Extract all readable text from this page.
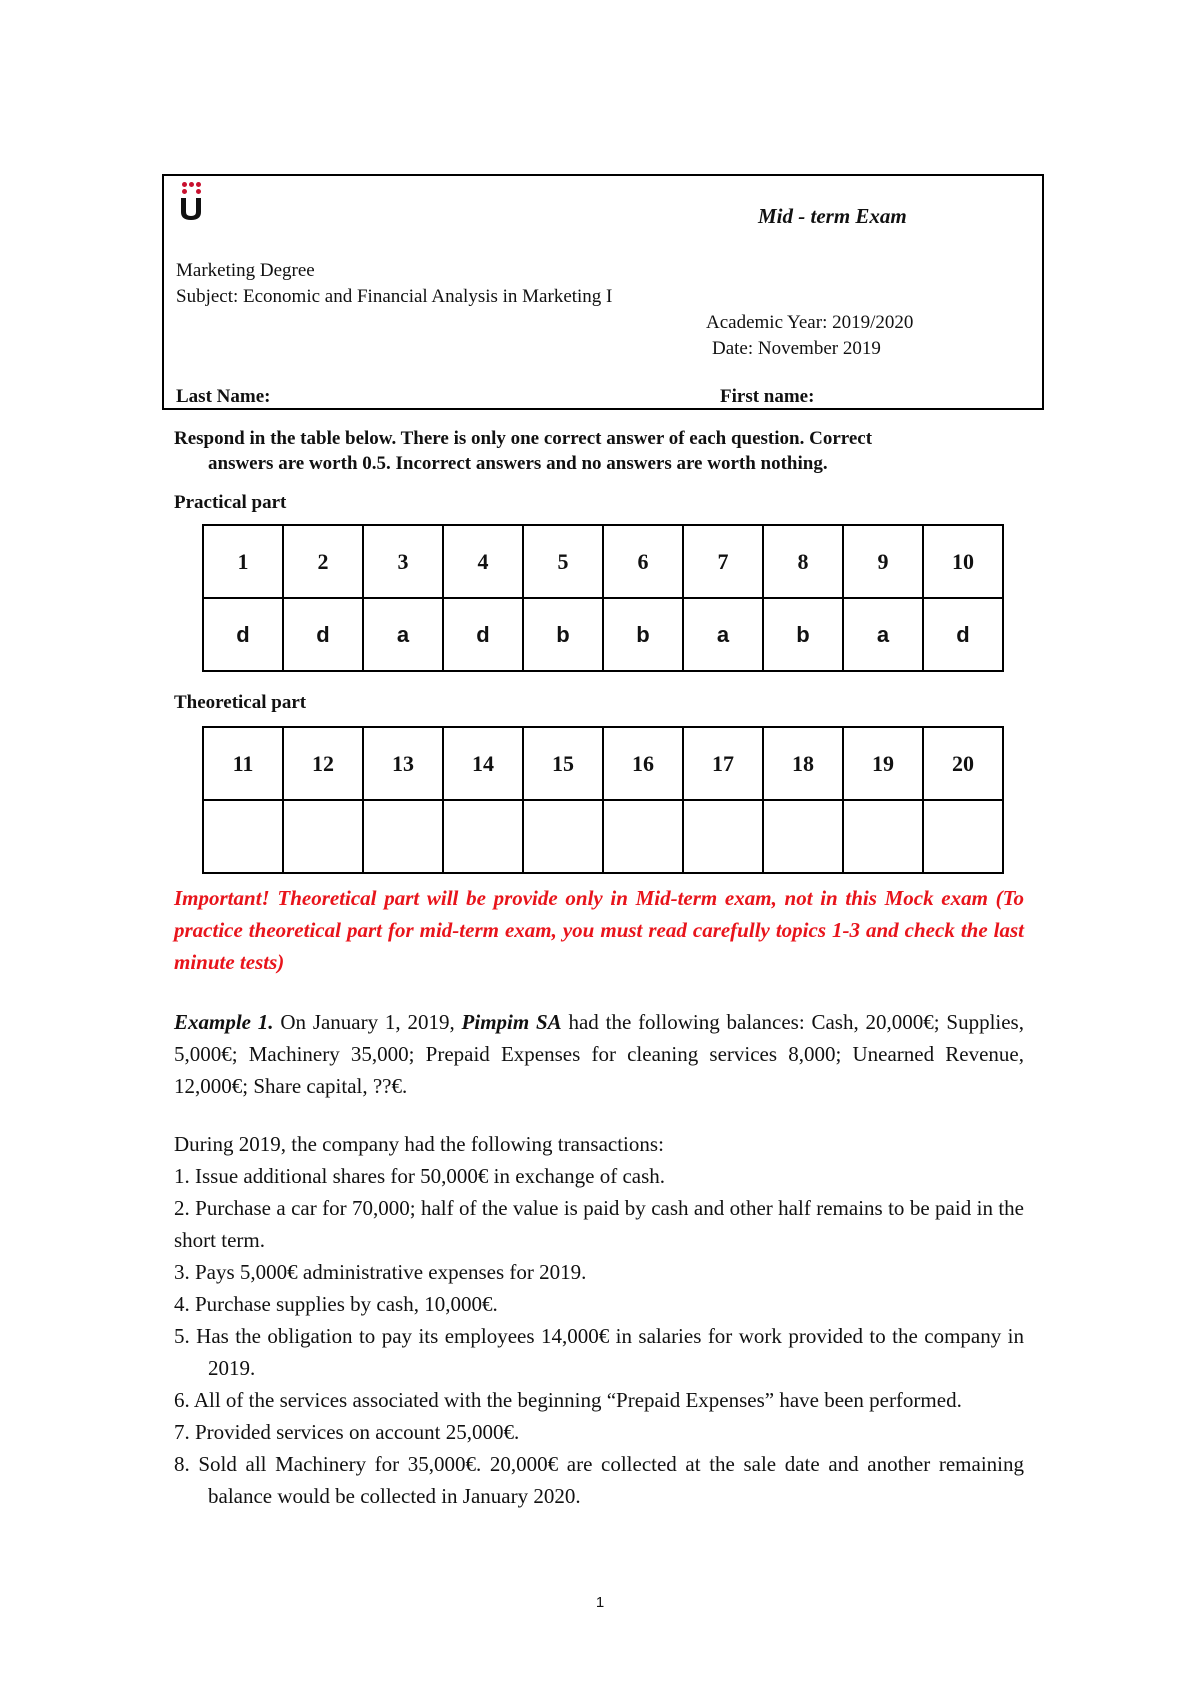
Mid - term Exam
Marketing Degree
Subject: Economic and Financial Analysis in Marketing I
Academic Year: 2019/2020
Date: November 2019
Last Name:	First name:
Respond in the table below. There is only one correct answer of each question. Correct
answers are worth 0.5. Incorrect answers and no answers are worth nothing.
Practical part
1	2	3	4	5	6	7	8	9	10
d	d	a	d	b	b	a	b	a	d
Theoretical part
11	12	13	14	15	16	17	18	19	20

Important! Theoretical part will be provide only in Mid-term exam, not in this Mock exam (To practice theoretical part for mid-term exam, you must read carefully topics 1-3 and check the last minute tests)
Example 1. On January 1, 2019, Pimpim SA had the following balances: Cash, 20,000€; Supplies, 5,000€; Machinery 35,000; Prepaid Expenses for cleaning services 8,000; Unearned Revenue, 12,000€; Share capital, ??€.
During 2019, the company had the following transactions:
1. Issue additional shares for 50,000€ in exchange of cash.
2. Purchase a car for 70,000; half of the value is paid by cash and other half remains to be paid in the short term.
3. Pays 5,000€ administrative expenses for 2019.
4. Purchase supplies by cash, 10,000€.
5. Has the obligation to pay its employees 14,000€ in salaries for work provided to the company in 2019.
6. All of the services associated with the beginning “Prepaid Expenses” have been performed.
7. Provided services on account 25,000€.
8. Sold all Machinery for 35,000€. 20,000€ are collected at the sale date and another remaining balance would be collected in January 2020.
1
